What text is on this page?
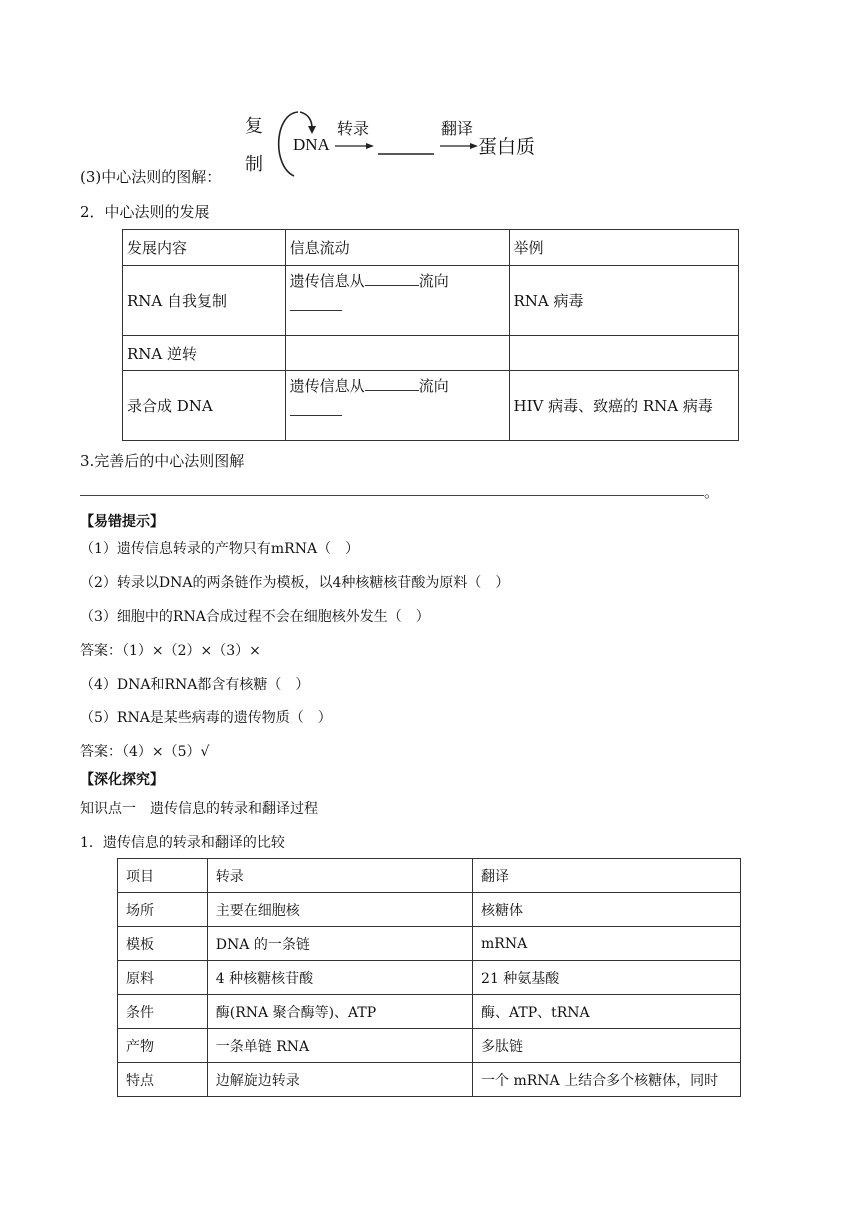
(3)中心法则的图解：
复
制
DNA
转录	翻译
蛋白质
2．中心法则的发展
发展内容	信息流动	举例
RNA 自我复制	遗传信息从 流向	RNA 病毒
RNA 逆转		
录合成 DNA	遗传信息从 流向	HIV 病毒、致癌的 RNA 病毒
3.完善后的中心法则图解
。
【易错提示】
（1）遗传信息转录的产物只有mRNA（　）
（2）转录以DNA的两条链作为模板，以4种核糖核苷酸为原料（　）
（3）细胞中的RNA合成过程不会在细胞核外发生（　）
答案：（1）×（2）×（3）×
（4）DNA和RNA都含有核糖（　）
（5）RNA是某些病毒的遗传物质（　）
答案：（4）×（5）√
【深化探究】
知识点一　遗传信息的转录和翻译过程
1．遗传信息的转录和翻译的比较
项目	转录	翻译
场所	主要在细胞核	核糖体
模板	DNA 的一条链	mRNA
原料	4 种核糖核苷酸	21 种氨基酸
条件	酶(RNA 聚合酶等)、ATP	酶、ATP、tRNA
产物	一条单链 RNA	多肽链
特点	边解旋边转录	一个 mRNA 上结合多个核糖体，同时
